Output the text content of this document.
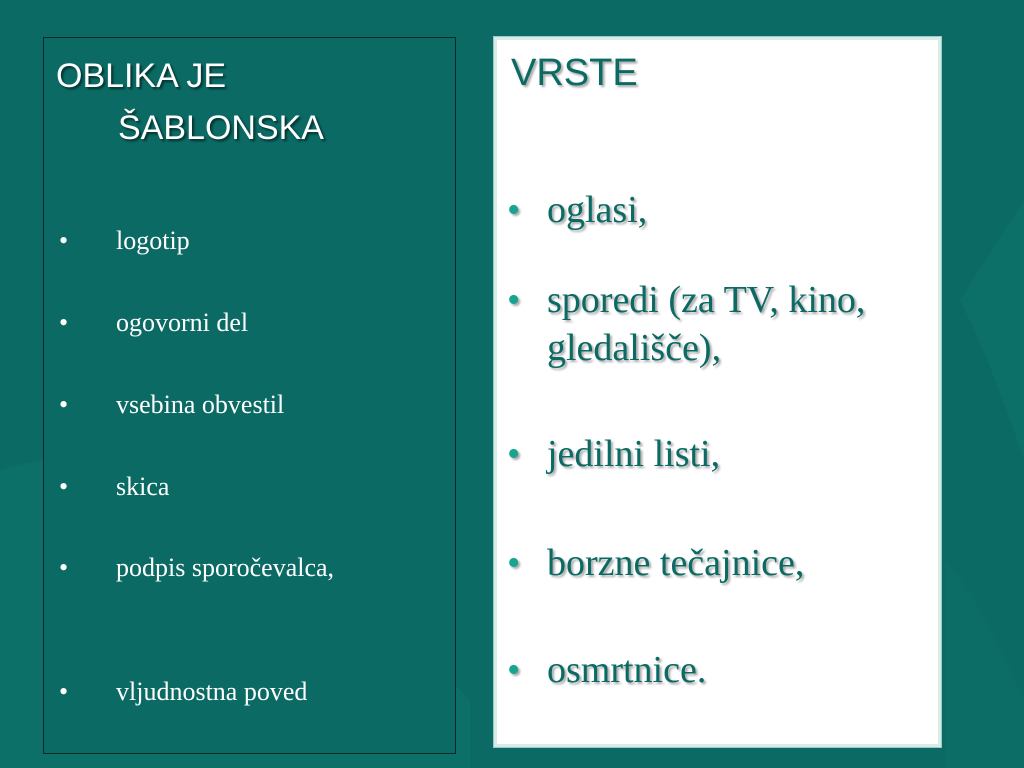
OBLIKA JE
ŠABLONSKA
•	logotip
•	ogovorni del
•	vsebina obvestil
•	skica
•	podpis sporočevalca,
•	vljudnostna poved
VRSTE
• oglasi,
• sporedi (za TV, kino, gledališče),
• jedilni listi,
• borzne tečajnice,
• osmrtnice.
